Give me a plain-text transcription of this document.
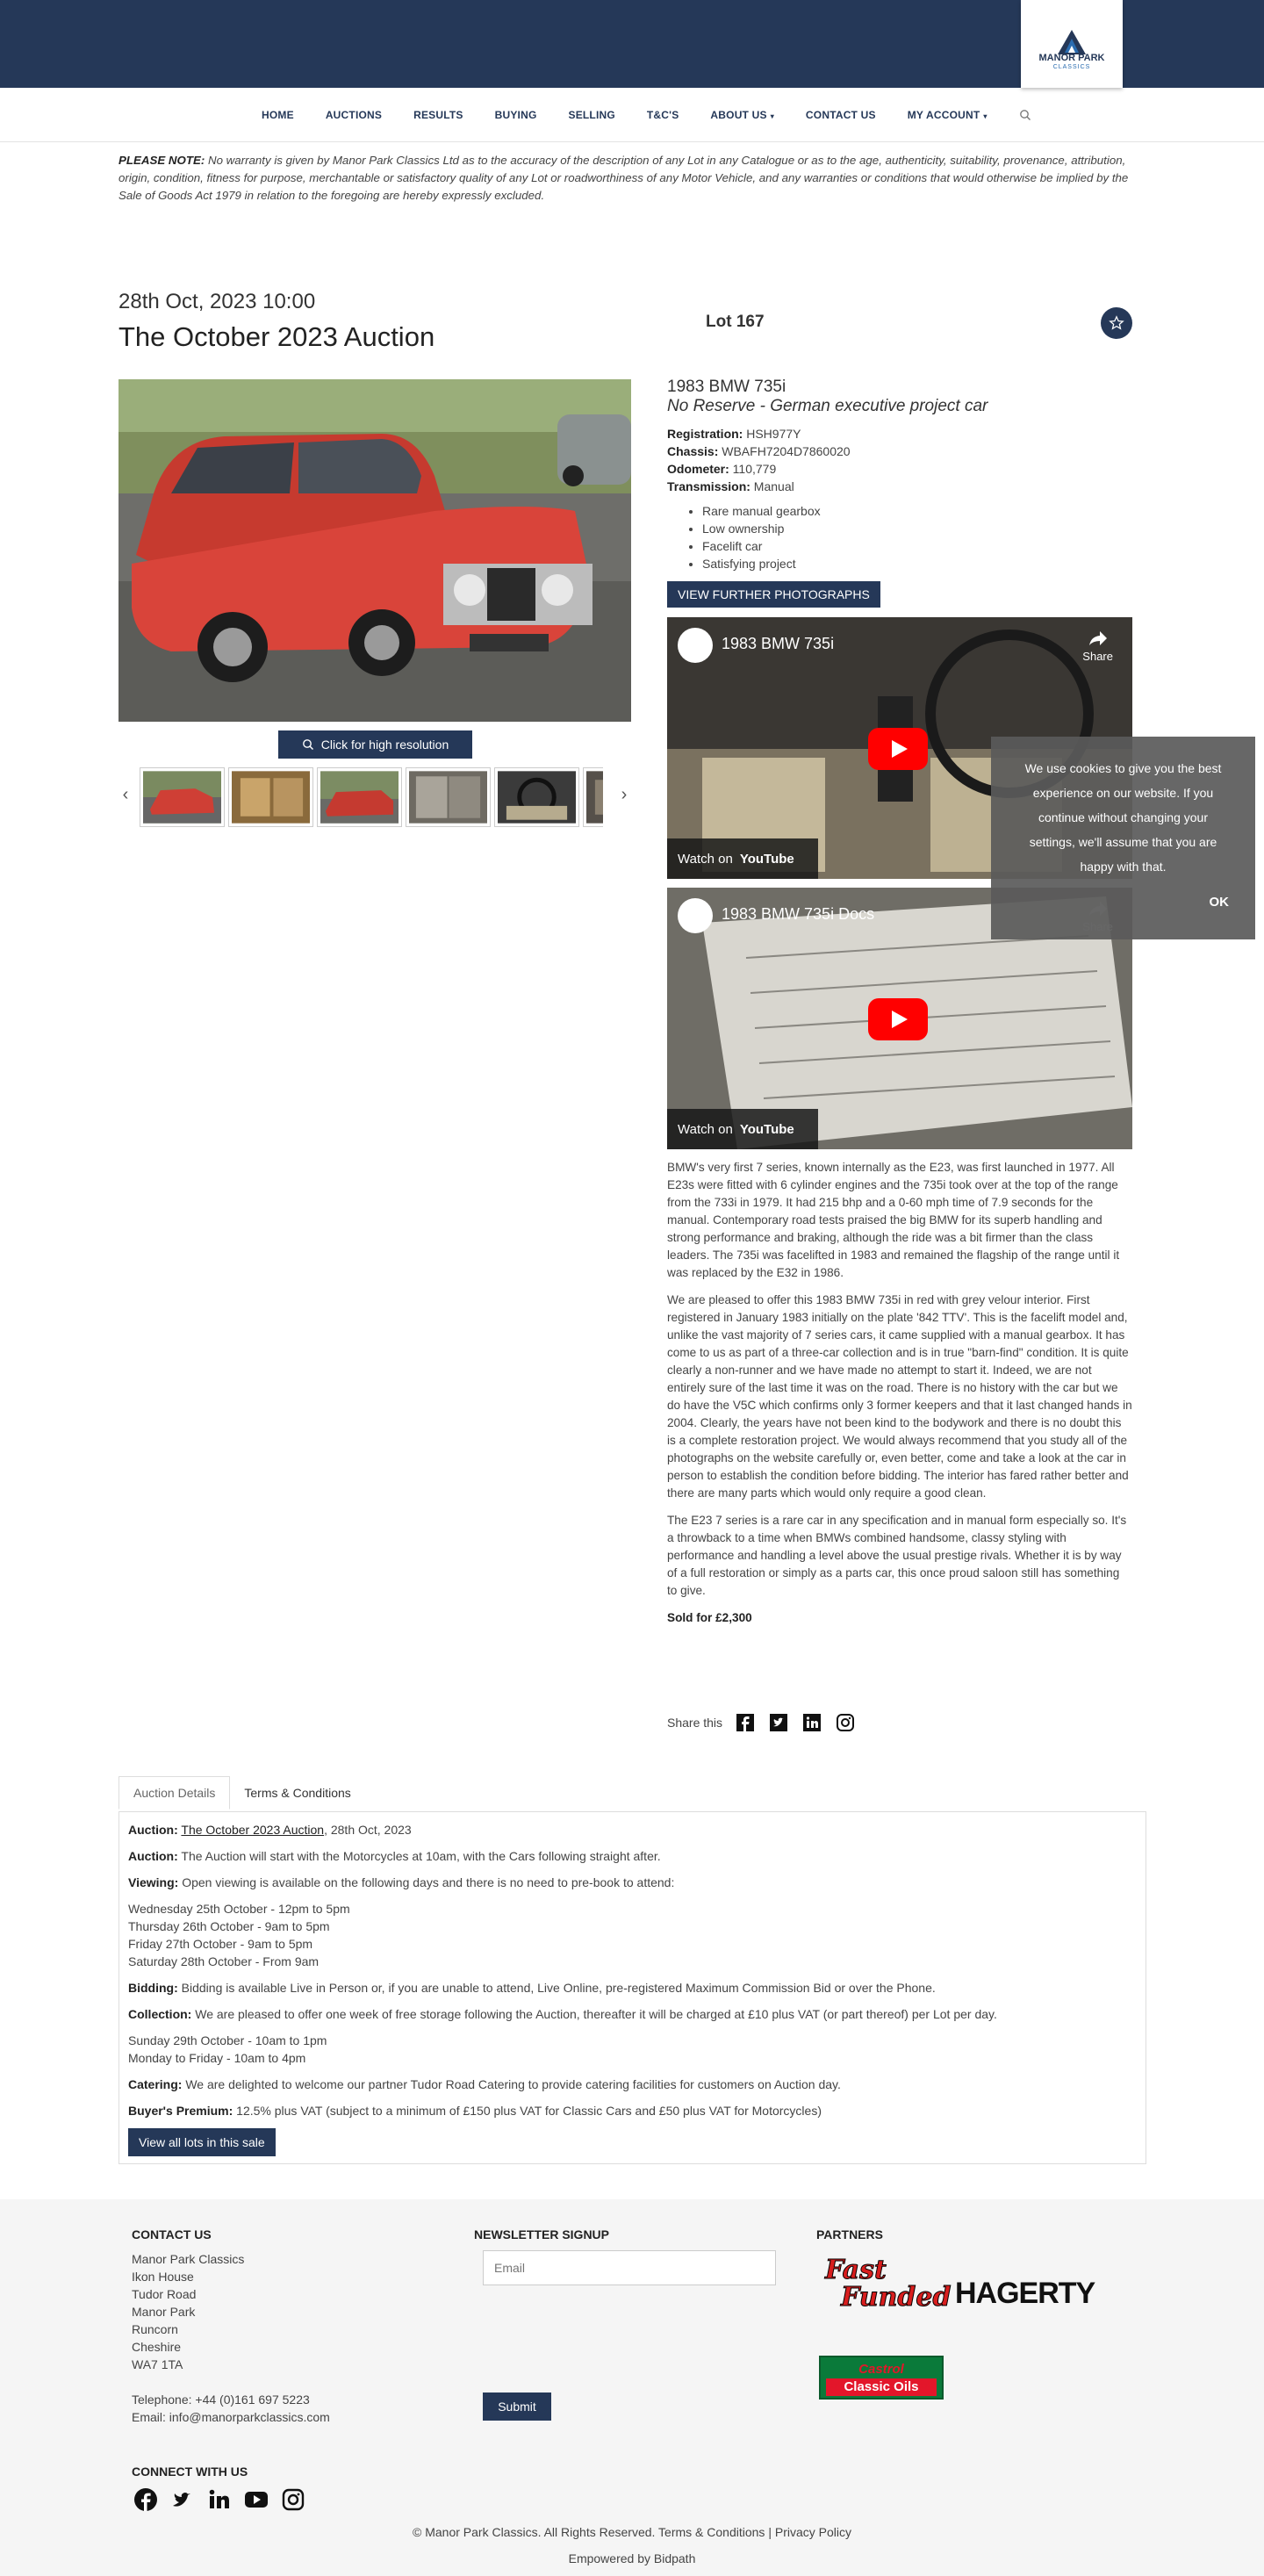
MANOR PARK
CLASSICS
HOME	AUCTIONS	RESULTS	BUYING	SELLING	T&C'S	ABOUT US ▾	CONTACT US	MY ACCOUNT ▾
PLEASE NOTE: No warranty is given by Manor Park Classics Ltd as to the accuracy of the description of any Lot in any Catalogue or as to the age, authenticity, suitability, provenance, attribution, origin, condition, fitness for purpose, merchantable or satisfactory quality of any Lot or roadworthiness of any Motor Vehicle, and any warranties or conditions that would otherwise be implied by the Sale of Goods Act 1979 in relation to the foregoing are hereby expressly excluded.
28th Oct, 2023 10:00
The October 2023 Auction	Lot 167
Click for high resolution
‹	›
1983 BMW 735i
No Reserve - German executive project car
Registration: HSH977Y
Chassis: WBAFH7204D7860020
Odometer: 110,779
Transmission: Manual
• Rare manual gearbox
• Low ownership
• Facelift car
• Satisfying project
VIEW FURTHER PHOTOGRAPHS
1983 BMW 735i
Share
Watch on YouTube
1983 BMW 735i Docs
Watch on YouTube

BMW's very first 7 series, known internally as the E23, was first launched in 1977. All E23s were fitted with 6 cylinder engines and the 735i took over at the top of the range from the 733i in 1979. It had 215 bhp and a 0-60 mph time of 7.9 seconds for the manual. Contemporary road tests praised the big BMW for its superb handling and strong performance and braking, although the ride was a bit firmer than the class leaders. The 735i was facelifted in 1983 and remained the flagship of the range until it was replaced by the E32 in 1986.

We are pleased to offer this 1983 BMW 735i in red with grey velour interior. First registered in January 1983 initially on the plate '842 TTV'. This is the facelift model and, unlike the vast majority of 7 series cars, it came supplied with a manual gearbox. It has come to us as part of a three-car collection and is in true "barn-find" condition. It is quite clearly a non-runner and we have made no attempt to start it. Indeed, we are not entirely sure of the last time it was on the road. There is no history with the car but we do have the V5C which confirms only 3 former keepers and that it last changed hands in 2004. Clearly, the years have not been kind to the bodywork and there is no doubt this is a complete restoration project. We would always recommend that you study all of the photographs on the website carefully or, even better, come and take a look at the car in person to establish the condition before bidding. The interior has fared rather better and there are many parts which would only require a good clean.

The E23 7 series is a rare car in any specification and in manual form especially so. It's a throwback to a time when BMWs combined handsome, classy styling with performance and handling a level above the usual prestige rivals. Whether it is by way of a full restoration or simply as a parts car, this once proud saloon still has something to give.

Sold for £2,300

Share this
Auction Details Terms & Conditions

Auction: The October 2023 Auction, 28th Oct, 2023

Auction: The Auction will start with the Motorcycles at 10am, with the Cars following straight after.

Viewing: Open viewing is available on the following days and there is no need to pre-book to attend:

Wednesday 25th October - 12pm to 5pm
Thursday 26th October - 9am to 5pm
Friday 27th October - 9am to 5pm
Saturday 28th October - From 9am

Bidding: Bidding is available Live in Person or, if you are unable to attend, Live Online, pre-registered Maximum Commission Bid or over the Phone.

Collection: We are pleased to offer one week of free storage following the Auction, thereafter it will be charged at £10 plus VAT (or part thereof) per Lot per day.

Sunday 29th October - 10am to 1pm
Monday to Friday - 10am to 4pm

Catering: We are delighted to welcome our partner Tudor Road Catering to provide catering facilities for customers on Auction day.

Buyer's Premium: 12.5% plus VAT (subject to a minimum of £150 plus VAT for Classic Cars and £50 plus VAT for Motorcycles)

View all lots in this sale
CONTACT US
Manor Park Classics
Ikon House
Tudor Road
Manor Park
Runcorn
Cheshire
WA7 1TA
Telephone: +44 (0)161 697 5223
Email: info@manorparkclassics.com
NEWSLETTER SIGNUP
Email
Submit
PARTNERS
Fast
Funded HAGERTY
Castrol
Classic Oils
CONNECT WITH US
© Manor Park Classics. All Rights Reserved. Terms & Conditions | Privacy Policy
Empowered by Bidpath
We use cookies to give you the best experience on our website. If you continue without changing your settings, we'll assume that you are happy with that.
OK
